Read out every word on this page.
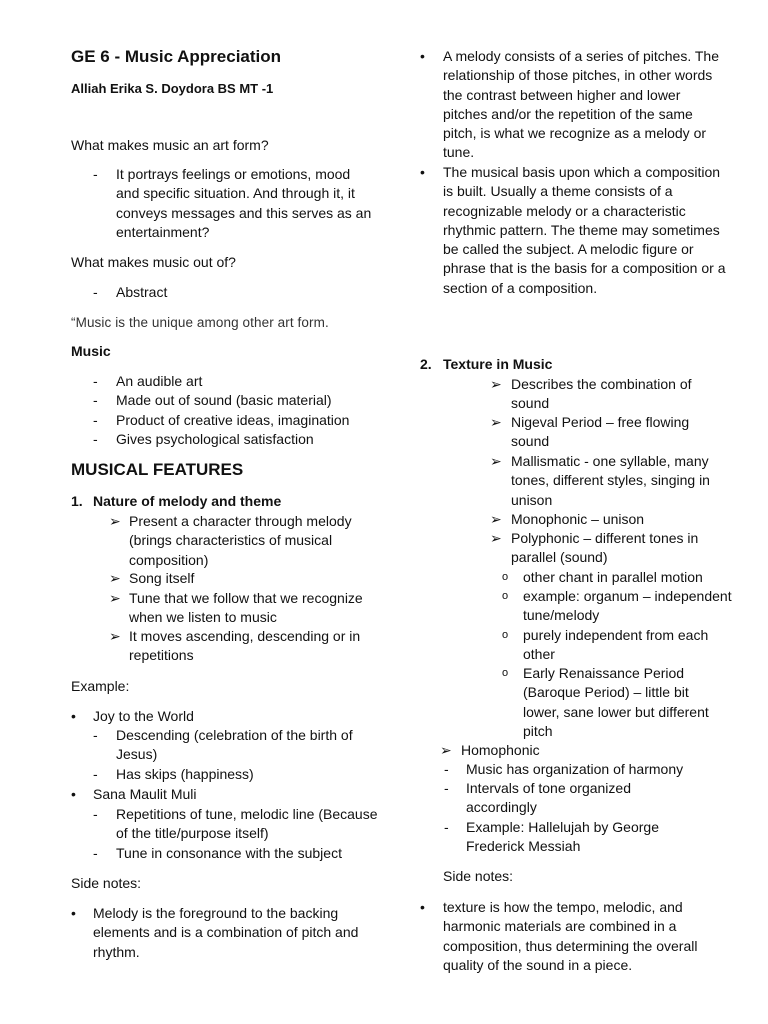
GE 6 - Music Appreciation
Alliah Erika S. Doydora BS MT -1
What makes music an art form?
- It portrays feelings or emotions, mood and specific situation. And through it, it conveys messages and this serves as an entertainment?
What makes music out of?
- Abstract
“Music is the unique among other art form.
Music
- An audible art
- Made out of sound (basic material)
- Product of creative ideas, imagination
- Gives psychological satisfaction
MUSICAL FEATURES
1. Nature of melody and theme
➢ Present a character through melody (brings characteristics of musical composition)
➢ Song itself
➢ Tune that we follow that we recognize when we listen to music
➢ It moves ascending, descending or in repetitions
Example:
• Joy to the World
- Descending (celebration of the birth of Jesus)
- Has skips (happiness)
• Sana Maulit Muli
- Repetitions of tune, melodic line (Because of the title/purpose itself)
- Tune in consonance with the subject
Side notes:
• Melody is the foreground to the backing elements and is a combination of pitch and rhythm.
• A melody consists of a series of pitches. The relationship of those pitches, in other words the contrast between higher and lower pitches and/or the repetition of the same pitch, is what we recognize as a melody or tune.
• The musical basis upon which a composition is built. Usually a theme consists of a recognizable melody or a characteristic rhythmic pattern. The theme may sometimes be called the subject. A melodic figure or phrase that is the basis for a composition or a section of a composition.
2. Texture in Music
➢ Describes the combination of sound
➢ Nigeval Period – free flowing sound
➢ Mallismatic - one syllable, many tones, different styles, singing in unison
➢ Monophonic – unison
➢ Polyphonic – different tones in parallel (sound)
o other chant in parallel motion
o example: organum – independent tune/melody
o purely independent from each other
o Early Renaissance Period (Baroque Period) – little bit lower, sane lower but different pitch
➢ Homophonic
- Music has organization of harmony
- Intervals of tone organized accordingly
- Example: Hallelujah by George Frederick Messiah
Side notes:
• texture is how the tempo, melodic, and harmonic materials are combined in a composition, thus determining the overall quality of the sound in a piece.
